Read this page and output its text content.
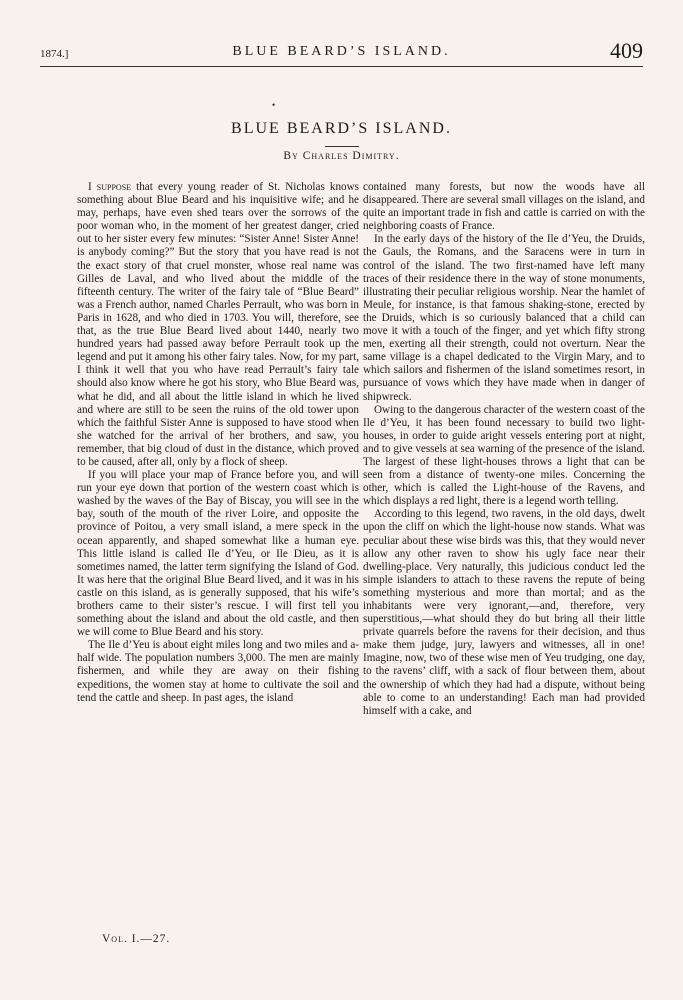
1874.]	BLUE BEARD’S ISLAND.	409
•
BLUE BEARD’S ISLAND.
By Charles Dimitry.

I suppose that every young reader of St. Nicholas knows something about Blue Beard and his inquisitive wife; and he may, perhaps, have even shed tears over the sorrows of the poor woman who, in the moment of her greatest danger, cried out to her sister every few minutes: “Sister Anne! Sister Anne! is anybody coming?” But the story that you have read is not the exact story of that cruel monster, whose real name was Gilles de Laval, and who lived about the middle of the fifteenth century. The writer of the fairy tale of “Blue Beard” was a French author, named Charles Perrault, who was born in Paris in 1628, and who died in 1703. You will, therefore, see that, as the true Blue Beard lived about 1440, nearly two hundred years had passed away before Perrault took up the legend and put it among his other fairy tales. Now, for my part, I think it well that you who have read Perrault’s fairy tale should also know where he got his story, who Blue Beard was, what he did, and all about the little island in which he lived and where are still to be seen the ruins of the old tower upon which the faithful Sister Anne is supposed to have stood when she watched for the arrival of her brothers, and saw, you remember, that big cloud of dust in the distance, which proved to be caused, after all, only by a flock of sheep.

If you will place your map of France before you, and will run your eye down that portion of the western coast which is washed by the waves of the Bay of Biscay, you will see in the bay, south of the mouth of the river Loire, and opposite the province of Poitou, a very small island, a mere speck in the ocean apparently, and shaped somewhat like a human eye. This little island is called Ile d’Yeu, or Ile Dieu, as it is sometimes named, the latter term signifying the Island of God. It was here that the original Blue Beard lived, and it was in his castle on this island, as is generally supposed, that his wife’s brothers came to their sister’s rescue. I will first tell you something about the island and about the old castle, and then we will come to Blue Beard and his story.

The Ile d’Yeu is about eight miles long and two miles and a-half wide. The population numbers 3,000. The men are mainly fishermen, and while they are away on their fishing expeditions, the women stay at home to cultivate the soil and tend the cattle and sheep. In past ages, the island

contained many forests, but now the woods have all disappeared. There are several small villages on the island, and quite an important trade in fish and cattle is carried on with the neighboring coasts of France.

In the early days of the history of the Ile d’Yeu, the Druids, the Gauls, the Romans, and the Saracens were in turn in control of the island. The two first-named have left many traces of their residence there in the way of stone monuments, illustrating their peculiar religious worship. Near the hamlet of Meule, for instance, is that famous shaking-stone, erected by the Druids, which is so curiously balanced that a child can move it with a touch of the finger, and yet which fifty strong men, exerting all their strength, could not overturn. Near the same village is a chapel dedicated to the Virgin Mary, and to which sailors and fishermen of the island sometimes resort, in pursuance of vows which they have made when in danger of shipwreck.

Owing to the dangerous character of the western coast of the Ile d’Yeu, it has been found necessary to build two light-houses, in order to guide aright vessels entering port at night, and to give vessels at sea warning of the presence of the island. The largest of these light-houses throws a light that can be seen from a distance of twenty-one miles. Concerning the other, which is called the Light-house of the Ravens, and which displays a red light, there is a legend worth telling.

According to this legend, two ravens, in the old days, dwelt upon the cliff on which the light-house now stands. What was peculiar about these wise birds was this, that they would never allow any other raven to show his ugly face near their dwelling-place. Very naturally, this judicious conduct led the simple islanders to attach to these ravens the repute of being something mysterious and more than mortal; and as the inhabitants were very ignorant,—and, therefore, very superstitious,—what should they do but bring all their little private quarrels before the ravens for their decision, and thus make them judge, jury, lawyers and witnesses, all in one! Imagine, now, two of these wise men of Yeu trudging, one day, to the ravens’ cliff, with a sack of flour between them, about the ownership of which they had had a dispute, without being able to come to an understanding! Each man had provided himself with a cake, and

Vol. I.—27.
